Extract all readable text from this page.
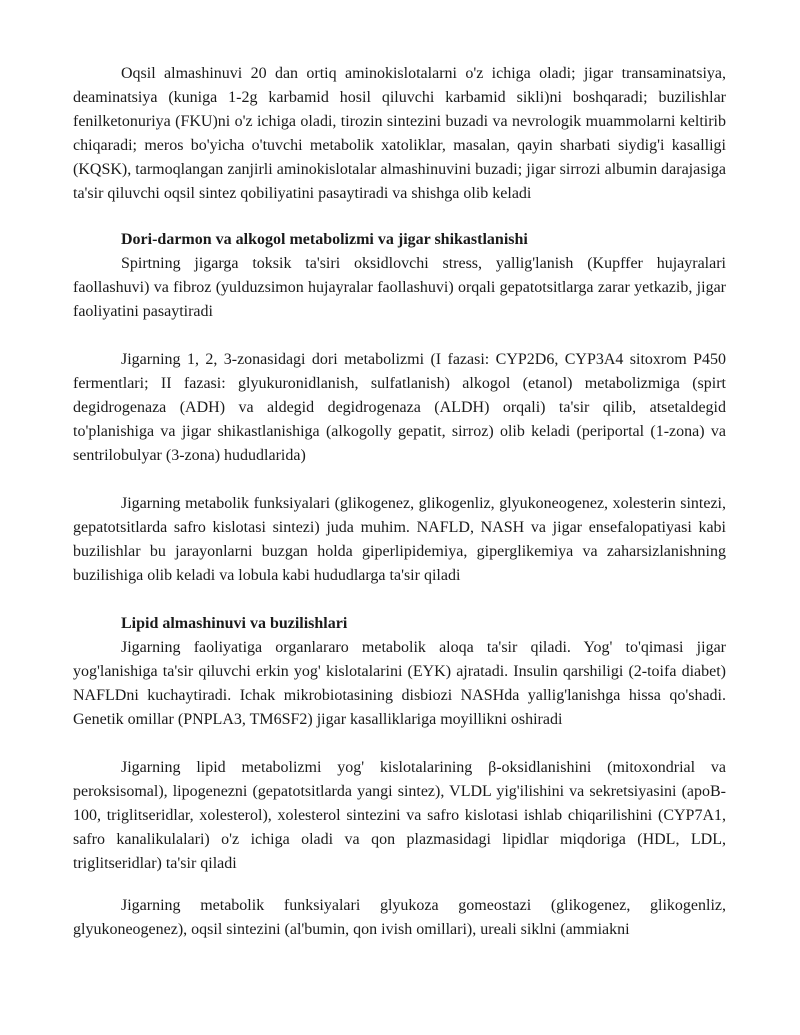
Oqsil almashinuvi 20 dan ortiq aminokislotalarni o'z ichiga oladi; jigar transaminatsiya, deaminatsiya (kuniga 1-2g karbamid hosil qiluvchi karbamid sikli)ni boshqaradi; buzilishlar fenilketonuriya (FKU)ni o'z ichiga oladi, tirozin sintezini buzadi va nevrologik muammolarni keltirib chiqaradi; meros bo'yicha o'tuvchi metabolik xatoliklar, masalan, qayin sharbati siydig'i kasalligi (KQSK), tarmoqlangan zanjirli aminokislotalar almashinuvini buzadi; jigar sirrozi albumin darajasiga ta'sir qiluvchi oqsil sintez qobiliyatini pasaytiradi va shishga olib keladi

Dori-darmon va alkogol metabolizmi va jigar shikastlanishi

Spirtning jigarga toksik ta'siri oksidlovchi stress, yallig'lanish (Kupffer hujayralari faollashuvi) va fibroz (yulduzsimon hujayralar faollashuvi) orqali gepatotsitlarga zarar yetkazib, jigar faoliyatini pasaytiradi

Jigarning 1, 2, 3-zonasidagi dori metabolizmi (I fazasi: CYP2D6, CYP3A4 sitoxrom P450 fermentlari; II fazasi: glyukuronidlanish, sulfatlanish) alkogol (etanol) metabolizmiga (spirt degidrogenaza (ADH) va aldegid degidrogenaza (ALDH) orqali) ta'sir qilib, atsetaldegid to'planishiga va jigar shikastlanishiga (alkogolly gepatit, sirroz) olib keladi (periportal (1-zona) va sentrilobulyar (3-zona) hududlarida)

Jigarning metabolik funksiyalari (glikogenez, glikogenliz, glyukoneogenez, xolesterin sintezi, gepatotsitlarda safro kislotasi sintezi) juda muhim. NAFLD, NASH va jigar ensefalopatiyasi kabi buzilishlar bu jarayonlarni buzgan holda giperlipidemiya, giperglikemiya va zaharsizlanishning buzilishiga olib keladi va lobula kabi hududlarga ta'sir qiladi

Lipid almashinuvi va buzilishlari

Jigarning faoliyatiga organlararo metabolik aloqa ta'sir qiladi. Yog' to'qimasi jigar yog'lanishiga ta'sir qiluvchi erkin yog' kislotalarini (EYK) ajratadi. Insulin qarshiligi (2-toifa diabet) NAFLDni kuchaytiradi. Ichak mikrobiotasining disbiozi NASHda yallig'lanishga hissa qo'shadi. Genetik omillar (PNPLA3, TM6SF2) jigar kasalliklariga moyillikni oshiradi

Jigarning lipid metabolizmi yog' kislotalarining β-oksidlanishini (mitoxondrial va peroksisomal), lipogenezni (gepatotsitlarda yangi sintez), VLDL yig'ilishini va sekretsiyasini (apoB-100, triglitseridlar, xolesterol), xolesterol sintezini va safro kislotasi ishlab chiqarilishini (CYP7A1, safro kanalikulalari) o'z ichiga oladi va qon plazmasidagi lipidlar miqdoriga (HDL, LDL, triglitseridlar) ta'sir qiladi

Jigarning metabolik funksiyalari glyukoza gomeostazi (glikogenez, glikogenliz, glyukoneogenez), oqsil sintezini (al'bumin, qon ivish omillari), ureali siklni (ammiakni
